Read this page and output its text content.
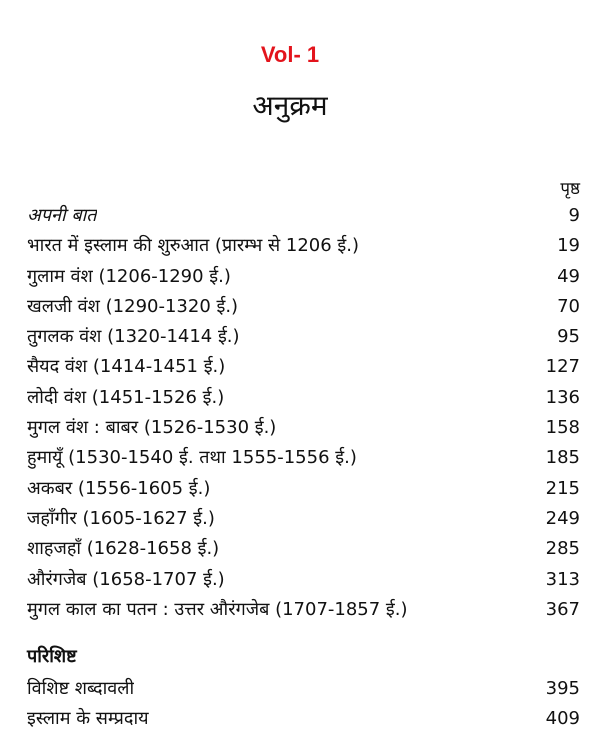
Vol- 1
अनुक्रम
पृष्ठ
अपनी बात	9
भारत में इस्लाम की शुरुआत (प्रारम्भ से 1206 ई.)	19
गुलाम वंश (1206-1290 ई.)	49
खलजी वंश (1290-1320 ई.)	70
तुगलक वंश (1320-1414 ई.)	95
सैयद वंश (1414-1451 ई.)	127
लोदी वंश (1451-1526 ई.)	136
मुगल वंश : बाबर (1526-1530 ई.)	158
हुमायूँ (1530-1540 ई. तथा 1555-1556 ई.)	185
अकबर (1556-1605 ई.)	215
जहाँगीर (1605-1627 ई.)	249
शाहजहाँ (1628-1658 ई.)	285
औरंगजेब (1658-1707 ई.)	313
मुगल काल का पतन : उत्तर औरंगजेब (1707-1857 ई.)	367
परिशिष्ट
विशिष्ट शब्दावली	395
इस्लाम के सम्प्रदाय	409
